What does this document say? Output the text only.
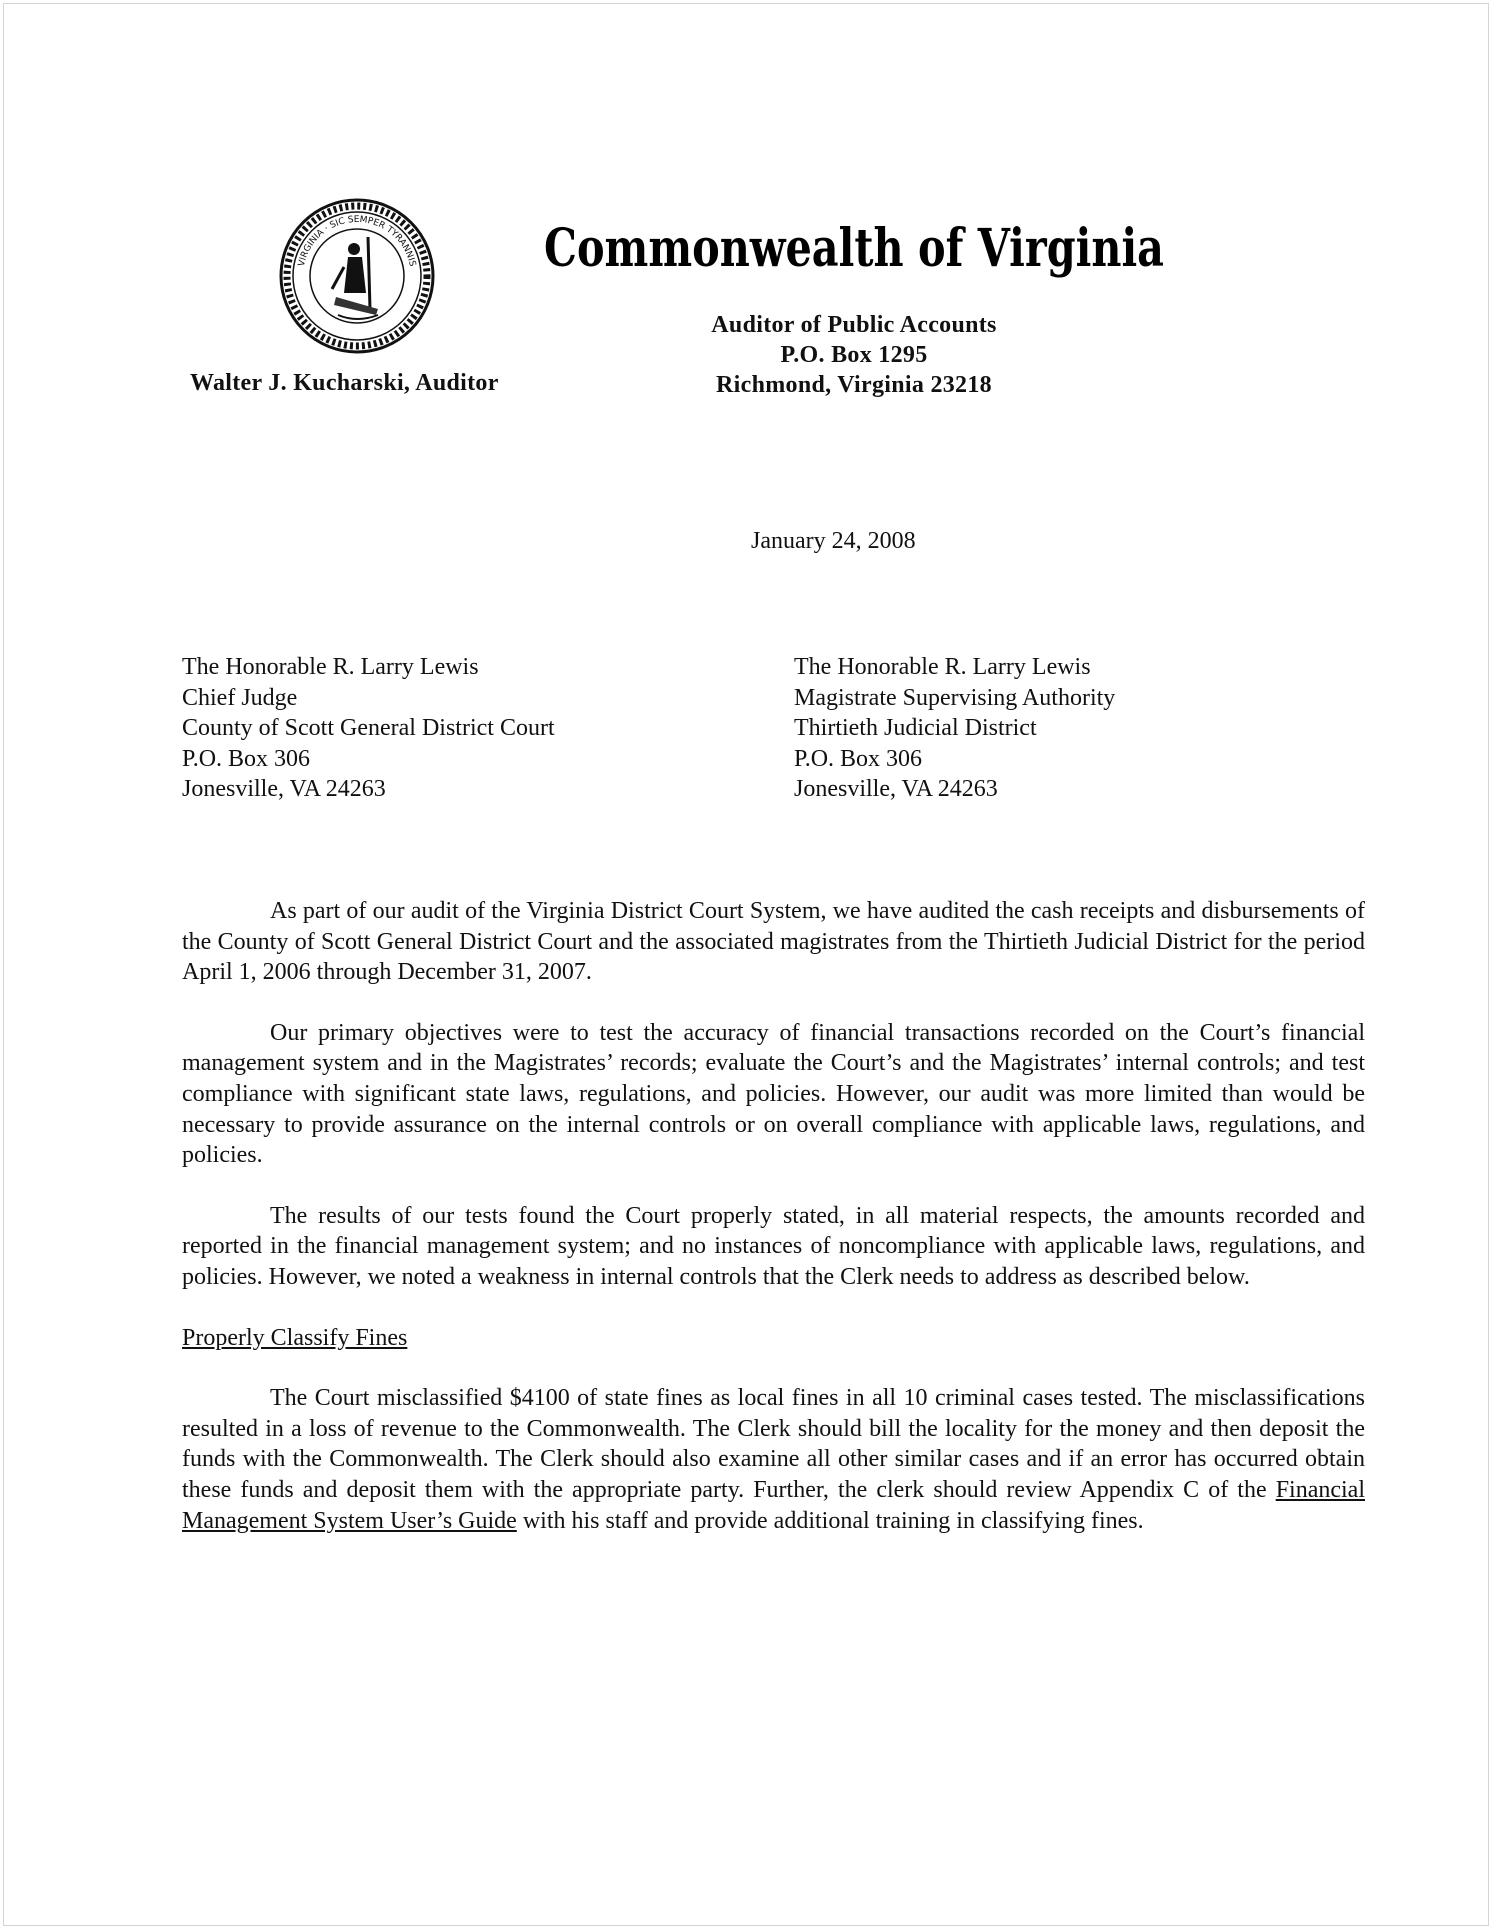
VIRGINIA · SIC SEMPER TYRANNIS Commonwealth of Virginia
Auditor of Public Accounts
P.O. Box 1295
Richmond, Virginia 23218
Walter J. Kucharski, Auditor
January 24, 2008
The Honorable R. Larry Lewis
Chief Judge
County of Scott General District Court
P.O. Box 306
Jonesville, VA 24263
The Honorable R. Larry Lewis
Magistrate Supervising Authority
Thirtieth Judicial District
P.O. Box 306
Jonesville, VA 24263

As part of our audit of the Virginia District Court System, we have audited the cash receipts and disbursements of the County of Scott General District Court and the associated magistrates from the Thirtieth Judicial District for the period April 1, 2006 through December 31, 2007.

Our primary objectives were to test the accuracy of financial transactions recorded on the Court’s financial management system and in the Magistrates’ records; evaluate the Court’s and the Magistrates’ internal controls; and test compliance with significant state laws, regulations, and policies. However, our audit was more limited than would be necessary to provide assurance on the internal controls or on overall compliance with applicable laws, regulations, and policies.

The results of our tests found the Court properly stated, in all material respects, the amounts recorded and reported in the financial management system; and no instances of noncompliance with applicable laws, regulations, and policies. However, we noted a weakness in internal controls that the Clerk needs to address as described below.

Properly Classify Fines

The Court misclassified $4100 of state fines as local fines in all 10 criminal cases tested. The misclassifications resulted in a loss of revenue to the Commonwealth. The Clerk should bill the locality for the money and then deposit the funds with the Commonwealth. The Clerk should also examine all other similar cases and if an error has occurred obtain these funds and deposit them with the appropriate party. Further, the clerk should review Appendix C of the Financial Management System User’s Guide with his staff and provide additional training in classifying fines.
